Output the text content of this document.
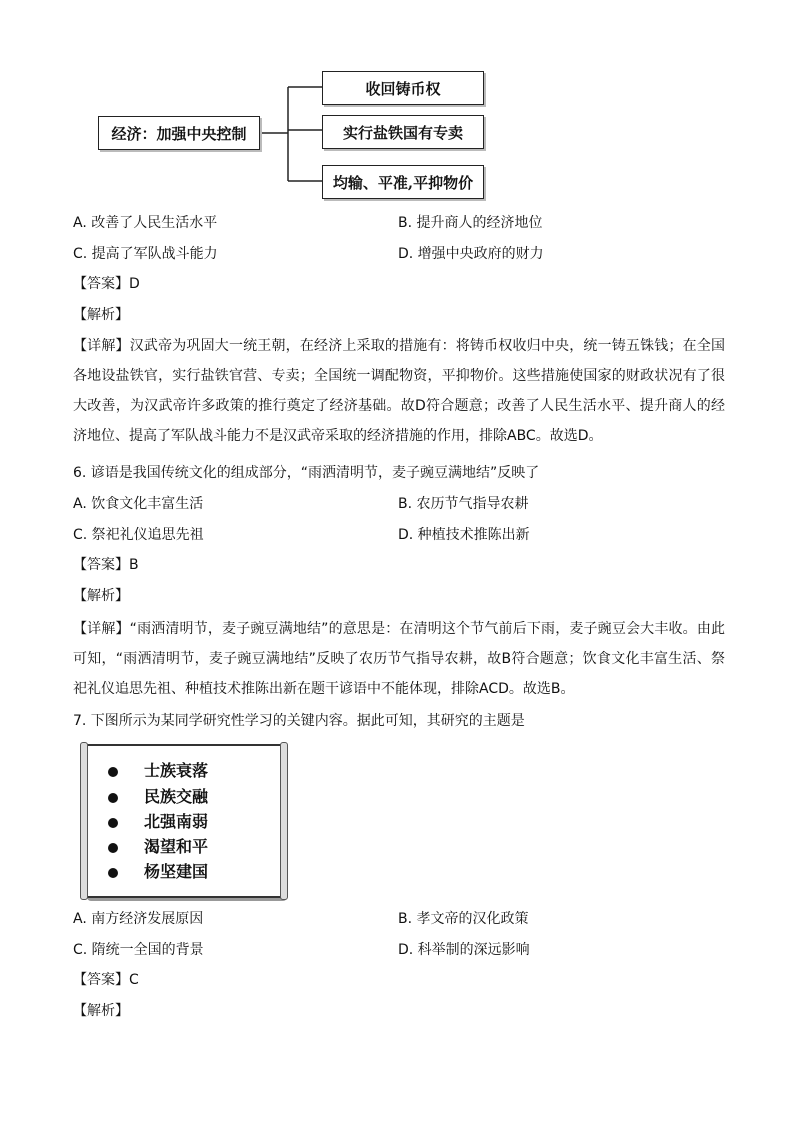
经济：加强中央控制
收回铸币权
实行盐铁国有专卖
均输、平准,平抑物价
A. 改善了人民生活水平	B. 提升商人的经济地位
C. 提高了军队战斗能力	D. 增强中央政府的财力
【答案】D
【解析】
【详解】汉武帝为巩固大一统王朝，在经济上采取的措施有：将铸币权收归中央，统一铸五铢钱；在全国各地设盐铁官，实行盐铁官营、专卖；全国统一调配物资，平抑物价。这些措施使国家的财政状况有了很大改善，为汉武帝许多政策的推行奠定了经济基础。故D符合题意；改善了人民生活水平、提升商人的经济地位、提高了军队战斗能力不是汉武帝采取的经济措施的作用，排除ABC。故选D。
6. 谚语是我国传统文化的组成部分，“雨洒清明节，麦子豌豆满地结”反映了
A. 饮食文化丰富生活	B. 农历节气指导农耕
C. 祭祀礼仪追思先祖	D. 种植技术推陈出新
【答案】B
【解析】
【详解】“雨洒清明节，麦子豌豆满地结”的意思是：在清明这个节气前后下雨，麦子豌豆会大丰收。由此可知，“雨洒清明节，麦子豌豆满地结”反映了农历节气指导农耕，故B符合题意；饮食文化丰富生活、祭祀礼仪追思先祖、种植技术推陈出新在题干谚语中不能体现，排除ACD。故选B。
7. 下图所示为某同学研究性学习的关键内容。据此可知，其研究的主题是
士族衰落
民族交融
北强南弱
渴望和平
杨坚建国
A. 南方经济发展原因	B. 孝文帝的汉化政策
C. 隋统一全国的背景	D. 科举制的深远影响
【答案】C
【解析】
